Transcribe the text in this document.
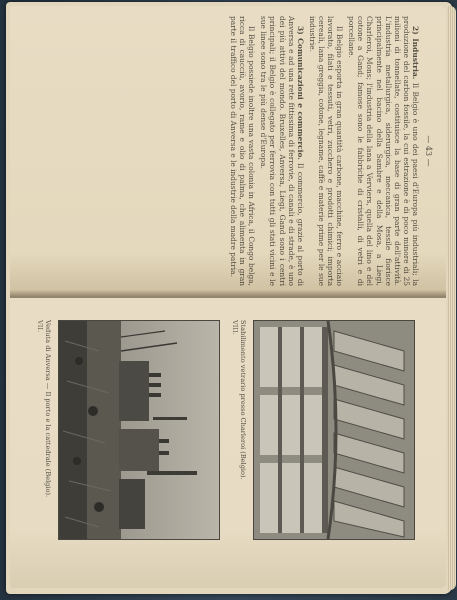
— 43 —

2) Industria. Il Belgio è uno dei paesi d'Europa più industriali; la produzione del carbon fossile, la cui estrazione è di poco minore di 25 milioni di tonnellate, costituisce la base di gran parte dell'attività. L'industria metallurgica, siderurgica, meccanica, tessile fiorisce principalmente nel bacino della Sambre e della Mosa, a Liegi, Charleroi, Mons; l'industria della lana a Verviers, quella del lino e del cotone a Gand; famose sono le fabbriche di cristalli, di vetri e di porcellane.

Il Belgio esporta in gran quantità carbone, macchine, ferro e acciaio lavorato, filati e tessuti, vetri, zucchero e prodotti chimici; importa cereali, lana greggia, cotone, legname, caffè e materie prime per le sue industrie.

3) Comunicazioni e commercio. Il commercio, grazie al porto di Anversa e ad una rete fittissima di ferrovie, di canali e di strade, è uno dei più attivi del mondo. Bruxelles, Anversa, Liegi, Gand sono i centri principali; il Belgio è collegato per ferrovia con tutti gli stati vicini e le sue linee sono tra le più dense d'Europa.

Il Belgio possiede inoltre una vasta colonia in Africa, il Congo belga, ricca di caucciù, avorio, rame e olio di palma, che alimenta in gran parte il traffico del porto di Anversa e le industrie della madre patria.

VII. Veduta di Anversa — Il porto e la cattedrale (Belgio).	VIII. Stabilimento vetrario presso Charleroi (Belgio).
